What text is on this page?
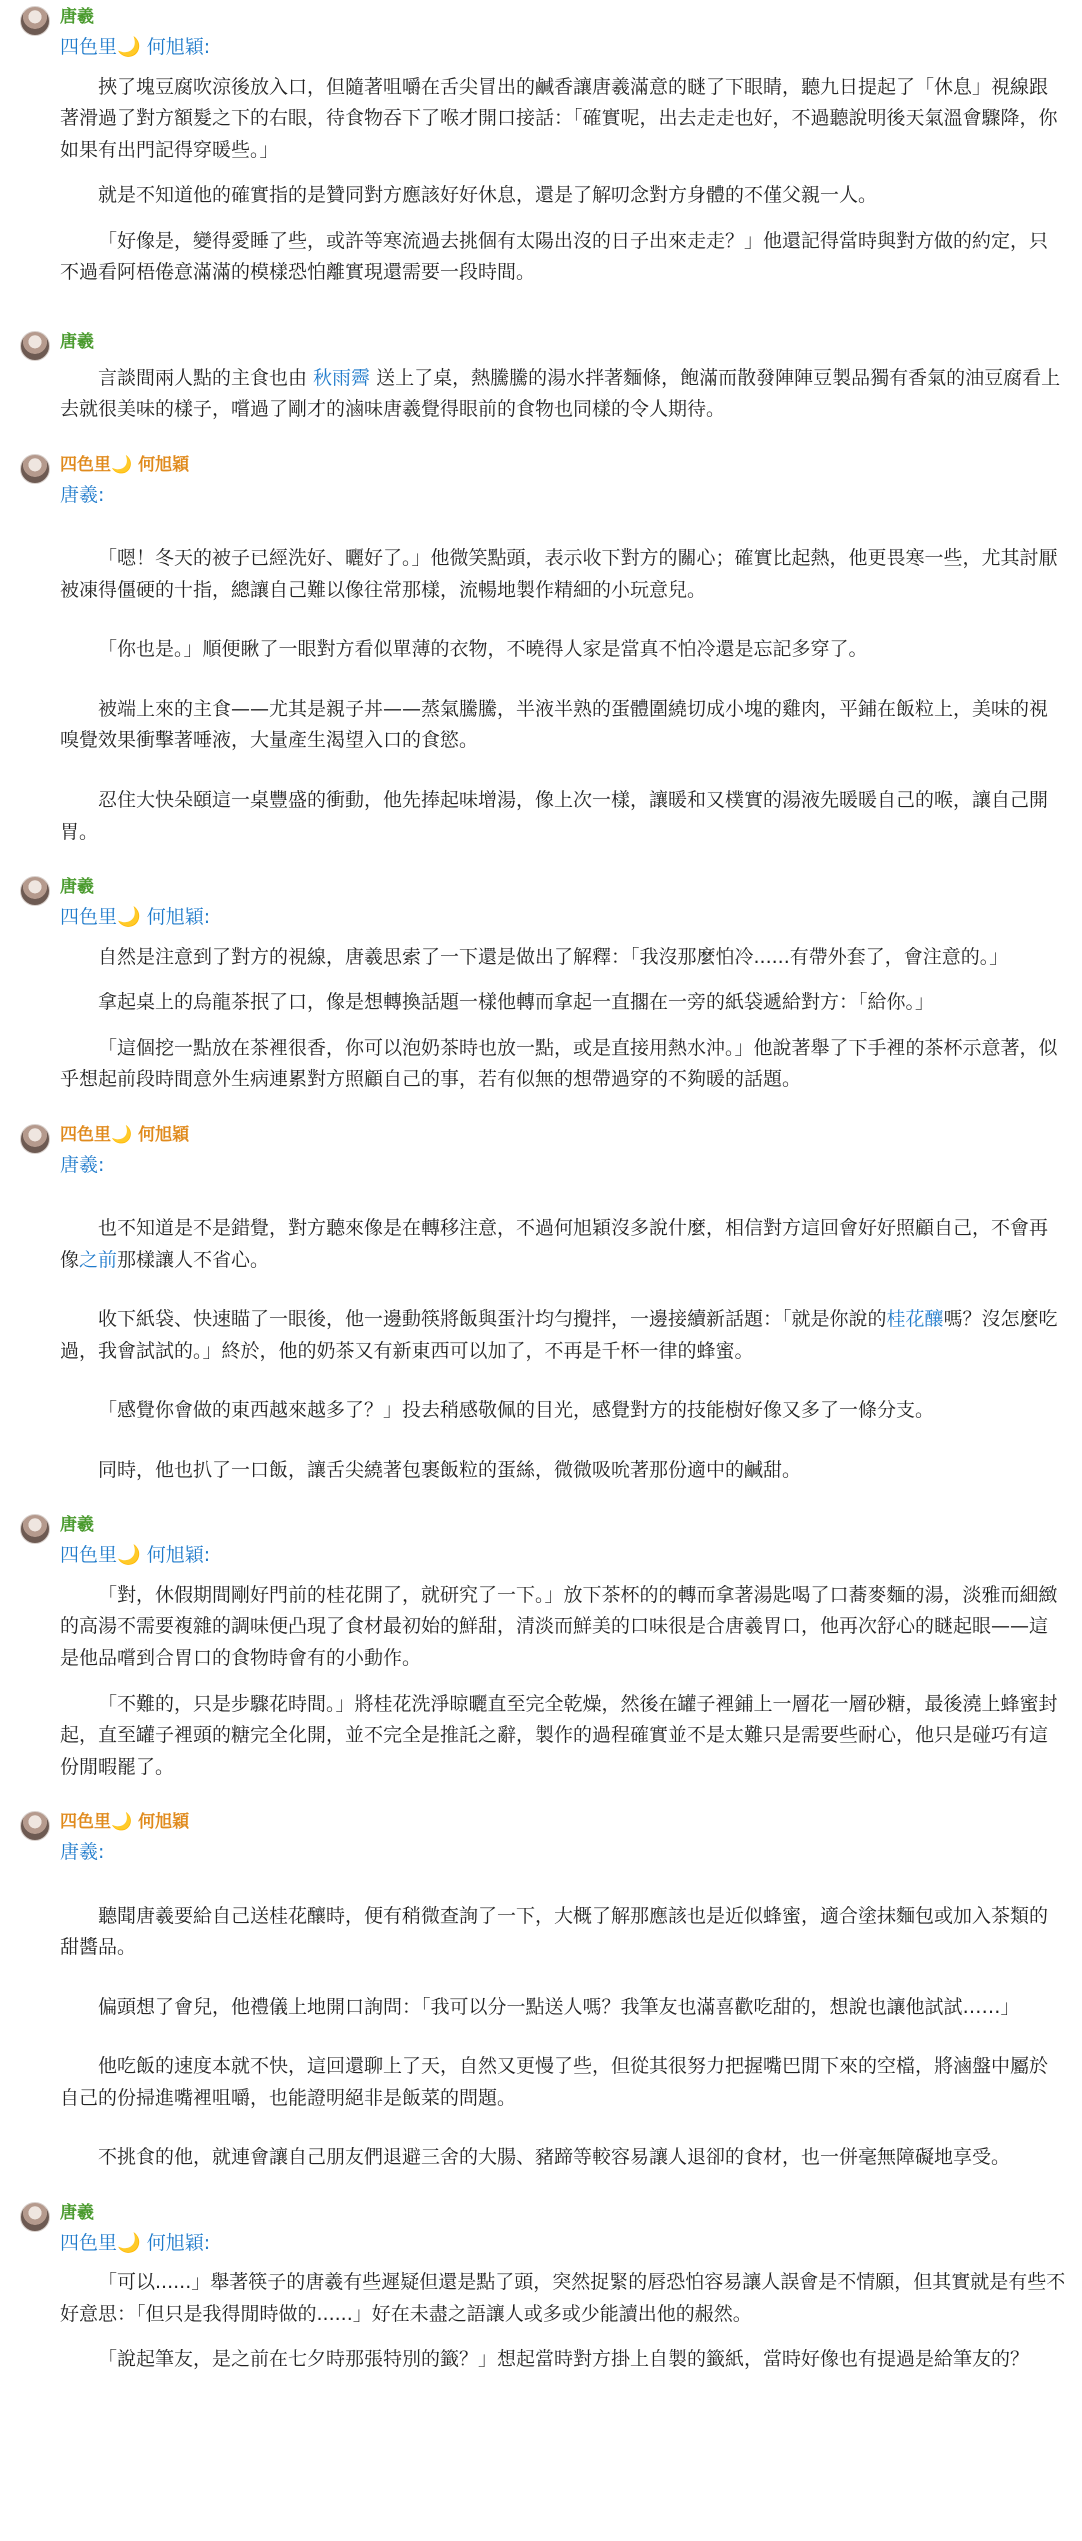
唐羲
四色里🌙 何旭穎:

挾了塊豆腐吹涼後放入口，但隨著咀嚼在舌尖冒出的鹹香讓唐羲滿意的瞇了下眼睛，聽九日提起了「休息」視線跟著滑過了對方額髮之下的右眼，待食物吞下了喉才開口接話：「確實呢，出去走走也好，不過聽說明後天氣溫會驟降，你如果有出門記得穿暖些。」

就是不知道他的確實指的是贊同對方應該好好休息，還是了解叨念對方身體的不僅父親一人。

「好像是，變得愛睡了些，或許等寒流過去挑個有太陽出沒的日子出來走走？」他還記得當時與對方做的約定，只不過看阿梧倦意滿滿的模樣恐怕離實現還需要一段時間。

唐羲

言談間兩人點的主食也由 秋雨霽 送上了桌，熱騰騰的湯水拌著麵條，飽滿而散發陣陣豆製品獨有香氣的油豆腐看上去就很美味的樣子，嚐過了剛才的滷味唐羲覺得眼前的食物也同樣的令人期待。

四色里🌙 何旭穎
唐羲:

「嗯！冬天的被子已經洗好、曬好了。」他微笑點頭，表示收下對方的關心；確實比起熱，他更畏寒一些，尤其討厭被凍得僵硬的十指，總讓自己難以像往常那樣，流暢地製作精細的小玩意兒。

「你也是。」順便瞅了一眼對方看似單薄的衣物，不曉得人家是當真不怕冷還是忘記多穿了。

被端上來的主食——尤其是親子丼——蒸氣騰騰，半液半熟的蛋體圍繞切成小塊的雞肉，平鋪在飯粒上，美味的視嗅覺效果衝擊著唾液，大量產生渴望入口的食慾。

忍住大快朵頤這一桌豐盛的衝動，他先捧起味增湯，像上次一樣，讓暖和又樸實的湯液先暖暖自己的喉，讓自己開胃。

唐羲
四色里🌙 何旭穎:

自然是注意到了對方的視線，唐羲思索了一下還是做出了解釋：「我沒那麼怕冷......有帶外套了，會注意的。」

拿起桌上的烏龍茶抿了口，像是想轉換話題一樣他轉而拿起一直擱在一旁的紙袋遞給對方：「給你。」

「這個挖一點放在茶裡很香，你可以泡奶茶時也放一點，或是直接用熱水沖。」他說著舉了下手裡的茶杯示意著，似乎想起前段時間意外生病連累對方照顧自己的事，若有似無的想帶過穿的不夠暖的話題。

四色里🌙 何旭穎
唐羲:

也不知道是不是錯覺，對方聽來像是在轉移注意，不過何旭穎沒多說什麼，相信對方這回會好好照顧自己，不會再像之前那樣讓人不省心。

收下紙袋、快速瞄了一眼後，他一邊動筷將飯與蛋汁均勻攪拌，一邊接續新話題：「就是你說的桂花釀嗎？沒怎麼吃過，我會試試的。」終於，他的奶茶又有新東西可以加了，不再是千杯一律的蜂蜜。

「感覺你會做的東西越來越多了？」投去稍感敬佩的目光，感覺對方的技能樹好像又多了一條分支。

同時，他也扒了一口飯，讓舌尖繞著包裹飯粒的蛋絲，微微吸吮著那份適中的鹹甜。

唐羲
四色里🌙 何旭穎:

「對，休假期間剛好門前的桂花開了，就研究了一下。」放下茶杯的的轉而拿著湯匙喝了口蕎麥麵的湯，淡雅而細緻的高湯不需要複雜的調味便凸現了食材最初始的鮮甜，清淡而鮮美的口味很是合唐羲胃口，他再次舒心的瞇起眼——這是他品嚐到合胃口的食物時會有的小動作。

「不難的，只是步驟花時間。」將桂花洗淨晾曬直至完全乾燥，然後在罐子裡鋪上一層花一層砂糖，最後澆上蜂蜜封起，直至罐子裡頭的糖完全化開，並不完全是推託之辭，製作的過程確實並不是太難只是需要些耐心，他只是碰巧有這份閒暇罷了。

四色里🌙 何旭穎
唐羲:

聽聞唐羲要給自己送桂花釀時，便有稍微查詢了一下，大概了解那應該也是近似蜂蜜，適合塗抹麵包或加入茶類的甜醬品。

偏頭想了會兒，他禮儀上地開口詢問：「我可以分一點送人嗎？我筆友也滿喜歡吃甜的，想說也讓他試試……」

他吃飯的速度本就不快，這回還聊上了天，自然又更慢了些，但從其很努力把握嘴巴閒下來的空檔，將滷盤中屬於自己的份掃進嘴裡咀嚼，也能證明絕非是飯菜的問題。

不挑食的他，就連會讓自己朋友們退避三舍的大腸、豬蹄等較容易讓人退卻的食材，也一併毫無障礙地享受。

唐羲
四色里🌙 何旭穎:

「可以......」舉著筷子的唐羲有些遲疑但還是點了頭，突然捉緊的唇恐怕容易讓人誤會是不情願，但其實就是有些不好意思：「但只是我得閒時做的......」好在未盡之語讓人或多或少能讀出他的赧然。

「說起筆友，是之前在七夕時那張特別的籤？」想起當時對方掛上自製的籤紙，當時好像也有提過是給筆友的？
